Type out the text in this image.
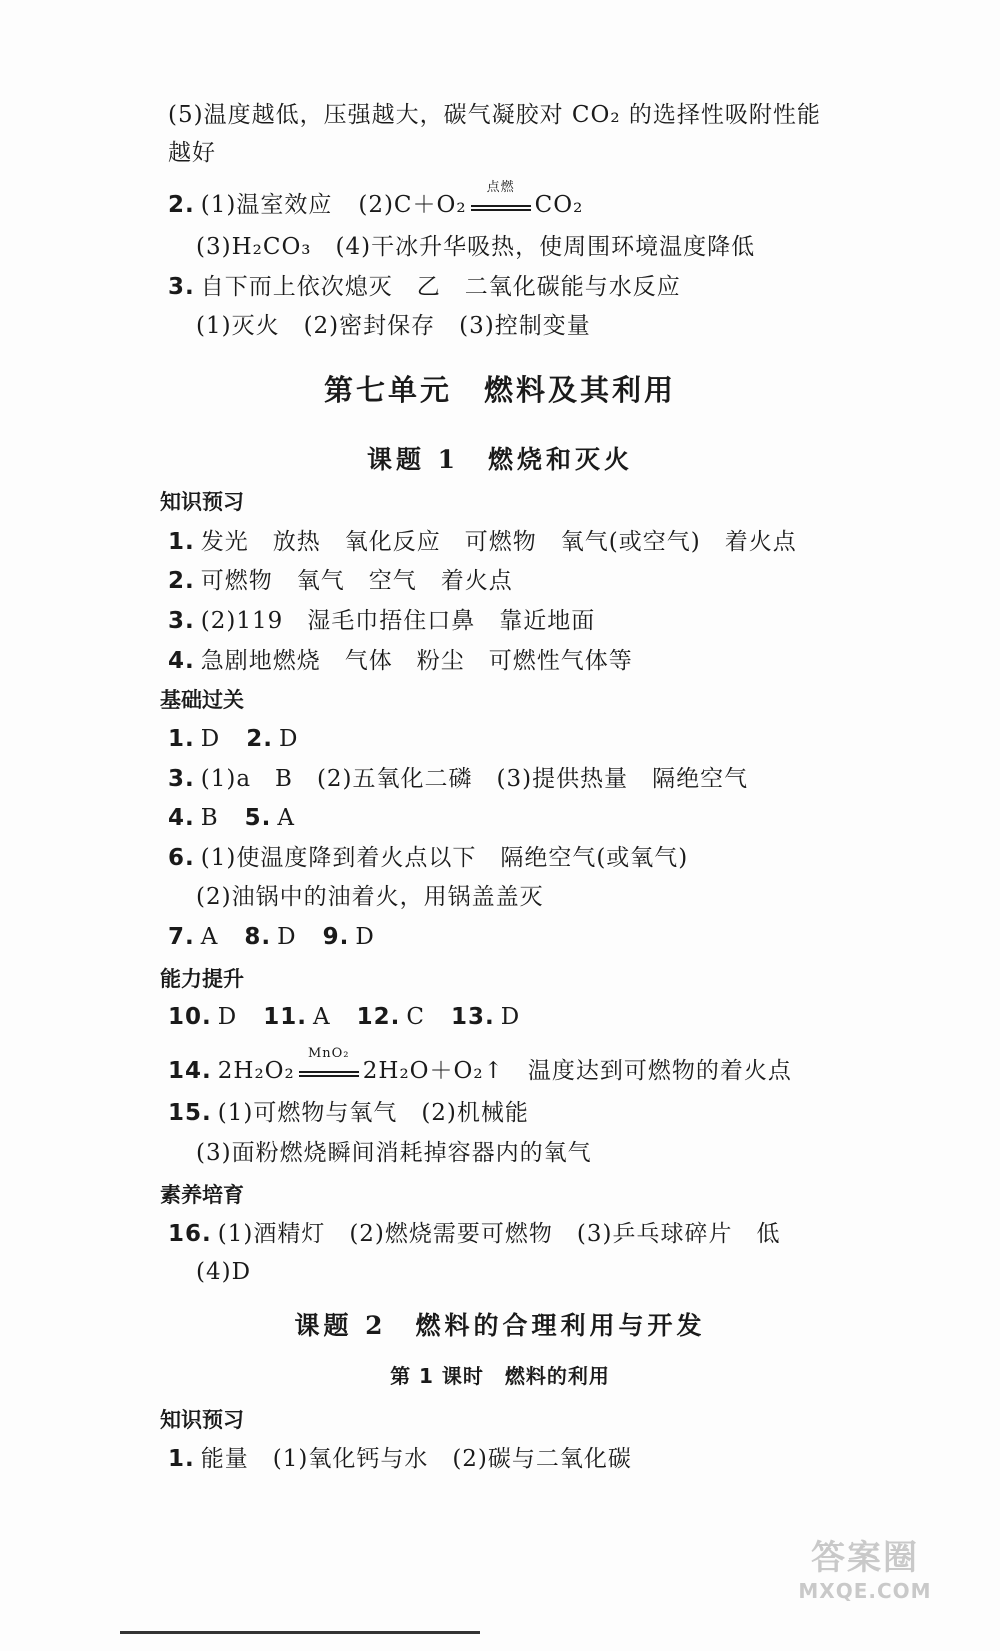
(5)温度越低，压强越大，碳气凝胶对 CO₂ 的选择性吸附性能
越好
2. (1)温室效应 (2)C＋O₂
点燃
CO₂
(3)H₂CO₃　(4)干冰升华吸热，使周围环境温度降低
3. 自下而上依次熄灭　乙　二氧化碳能与水反应
(1)灭火　(2)密封保存　(3)控制变量
第七单元　燃料及其利用
课题 1　燃烧和灭火
知识预习
1. 发光　放热　氧化反应　可燃物　氧气(或空气)　着火点
2. 可燃物　氧气　空气　着火点
3. (2)119　湿毛巾捂住口鼻　靠近地面
4. 急剧地燃烧　气体　粉尘　可燃性气体等
基础过关
1. D 2. D
3. (1)a　B　(2)五氧化二磷　(3)提供热量　隔绝空气
4. B 5. A
6. (1)使温度降到着火点以下　隔绝空气(或氧气)
(2)油锅中的油着火，用锅盖盖灭
7. A 8. D 9. D
能力提升
10. D 11. A 12. C 13. D
14. 2H₂O₂
MnO₂
2H₂O＋O₂↑　温度达到可燃物的着火点
15. (1)可燃物与氧气　(2)机械能
(3)面粉燃烧瞬间消耗掉容器内的氧气
素养培育
16. (1)酒精灯　(2)燃烧需要可燃物　(3)乒乓球碎片　低
(4)D
课题 2　燃料的合理利用与开发
第 1 课时　燃料的利用
知识预习
1. 能量　(1)氧化钙与水　(2)碳与二氧化碳
答案圈
MXQE.COM
